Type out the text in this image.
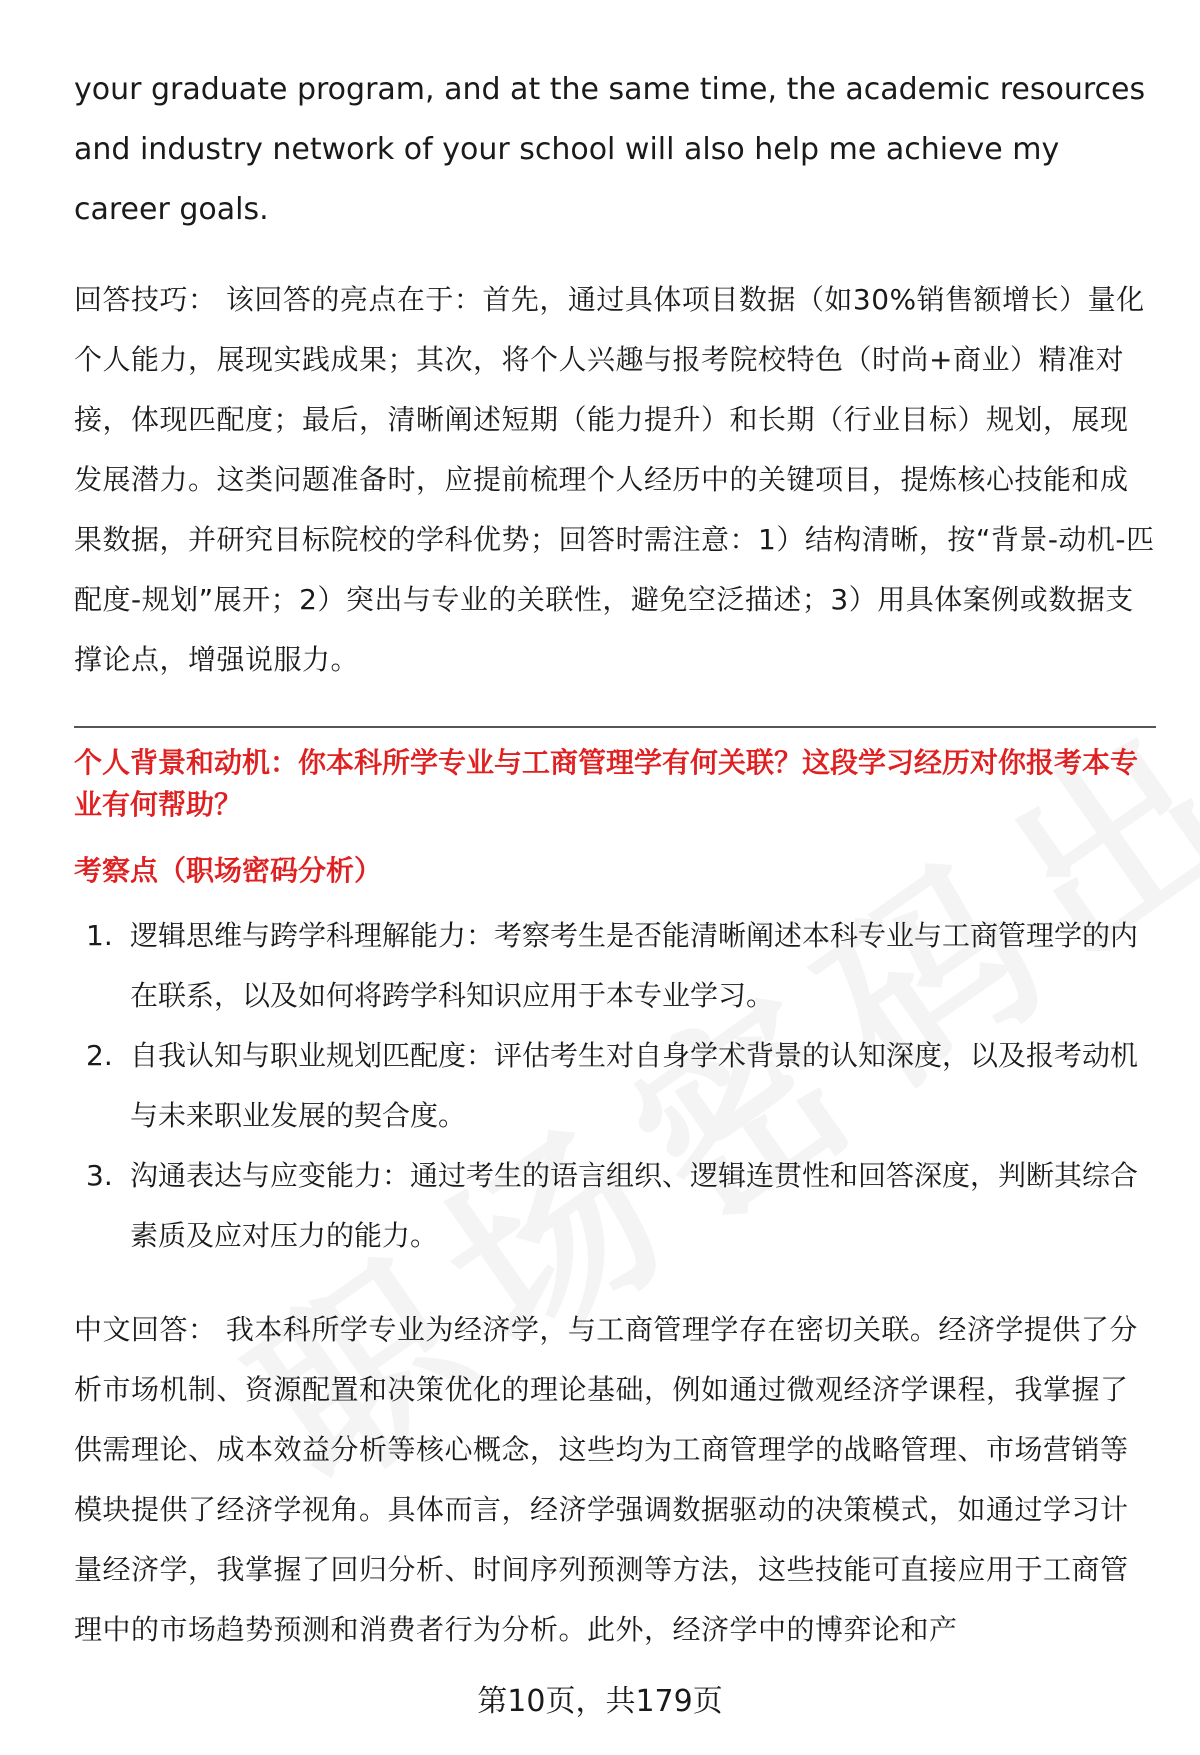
your graduate program, and at the same time, the academic resources and industry network of your school will also help me achieve my career goals.

回答技巧： 该回答的亮点在于：首先，通过具体项目数据（如30%销售额增长）量化个人能力，展现实践成果；其次，将个人兴趣与报考院校特色（时尚+商业）精准对接，体现匹配度；最后，清晰阐述短期（能力提升）和长期（行业目标）规划，展现发展潜力。这类问题准备时，应提前梳理个人经历中的关键项目，提炼核心技能和成果数据，并研究目标院校的学科优势；回答时需注意：1）结构清晰，按“背景-动机-匹配度-规划”展开；2）突出与专业的关联性，避免空泛描述；3）用具体案例或数据支撑论点，增强说服力。

个人背景和动机：你本科所学专业与工商管理学有何关联？这段学习经历对你报考本专业有何帮助？

考察点（职场密码分析）

1. 逻辑思维与跨学科理解能力：考察考生是否能清晰阐述本科专业与工商管理学的内在联系，以及如何将跨学科知识应用于本专业学习。
2. 自我认知与职业规划匹配度：评估考生对自身学术背景的认知深度，以及报考动机与未来职业发展的契合度。
3. 沟通表达与应变能力：通过考生的语言组织、逻辑连贯性和回答深度，判断其综合素质及应对压力的能力。

中文回答： 我本科所学专业为经济学，与工商管理学存在密切关联。经济学提供了分析市场机制、资源配置和决策优化的理论基础，例如通过微观经济学课程，我掌握了供需理论、成本效益分析等核心概念，这些均为工商管理学的战略管理、市场营销等模块提供了经济学视角。具体而言，经济学强调数据驱动的决策模式，如通过学习计量经济学，我掌握了回归分析、时间序列预测等方法，这些技能可直接应用于工商管理中的市场趋势预测和消费者行为分析。此外，经济学中的博弈论和产

第10页，共179页
